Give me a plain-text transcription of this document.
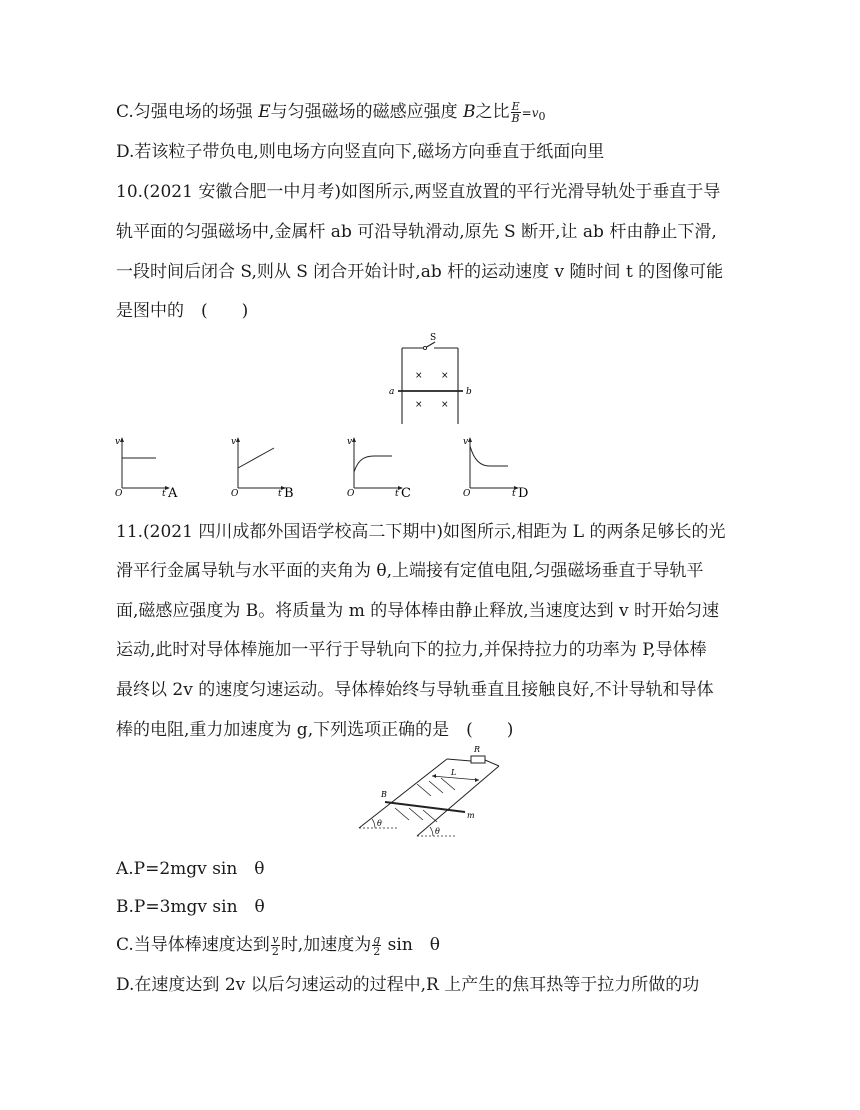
C.匀强电场的场强 E与匀强磁场的磁感应强度 B之比 $\frac{E}{B} =v_0$
D.若该粒子带负电,则电场方向竖直向下,磁场方向垂直于纸面向里
10.(2021 安徽合肥一中月考)如图所示,两竖直放置的平行光滑导轨处于垂直于导
轨平面的匀强磁场中,金属杆 ab 可沿导轨滑动,原先 S 断开,让 ab 杆由静止下滑,
一段时间后闭合 S,则从 S 闭合开始计时,ab 杆的运动速度 v 随时间 t 的图像可能
是图中的　(　　)
S
a	b
× ×
× ×
v
O	t A
v
O	t B
v
O	t C
v
O	t D
11.(2021 四川成都外国语学校高二下期中)如图所示,相距为 L 的两条足够长的光
滑平行金属导轨与水平面的夹角为 θ,上端接有定值电阻,匀强磁场垂直于导轨平
面,磁感应强度为 B。将质量为 m 的导体棒由静止释放,当速度达到 v 时开始匀速
运动,此时对导体棒施加一平行于导轨向下的拉力,并保持拉力的功率为 P,导体棒
最终以 2v 的速度匀速运动。导体棒始终与导轨垂直且接触良好,不计导轨和导体
棒的电阻,重力加速度为 g,下列选项正确的是　(　　)
R
L
m
B
θ
θ
A.P=2mgv sin　θ
B.P=3mgv sin　θ
C.当导体棒速度达到 $\frac{v}{2}$ 时,加速度为 $\frac{g}{2}$ sin　θ
D.在速度达到 2v 以后匀速运动的过程中,R 上产生的焦耳热等于拉力所做的功
